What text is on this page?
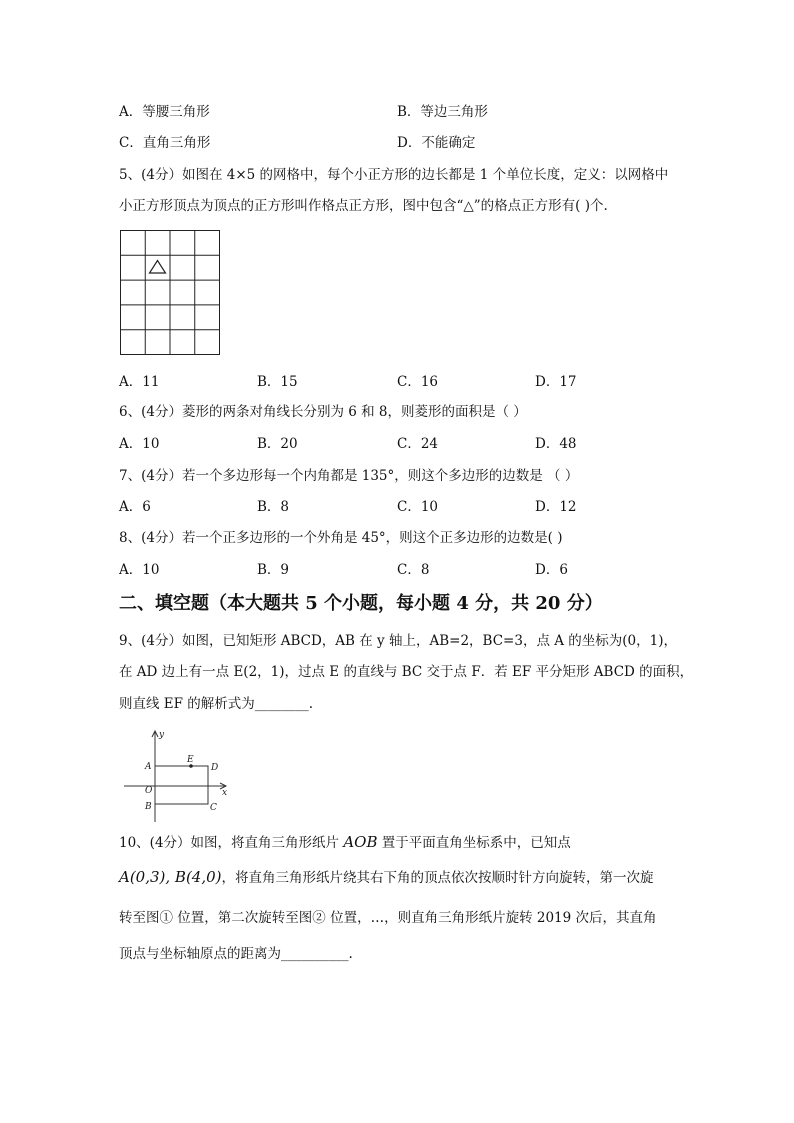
A．等腰三角形	B．等边三角形
C．直角三角形	D．不能确定
5、(4分）如图在 4×5 的网格中，每个小正方形的边长都是 1 个单位长度，定义：以网格中
小正方形顶点为顶点的正方形叫作格点正方形，图中包含“△”的格点正方形有( )个.
A．11	B．15	C．16	D．17
6、(4分）菱形的两条对角线长分别为 6 和 8，则菱形的面积是（ ）
A．10	B．20	C．24	D．48
7、(4分）若一个多边形每一个内角都是 135°，则这个多边形的边数是 （ ）
A．6	B．8	C．10	D．12
8、(4分）若一个正多边形的一个外角是 45°，则这个正多边形的边数是( )
A．10	B．9	C．8	D．6
二、填空题（本大题共 5 个小题，每小题 4 分，共 20 分）
9、(4分）如图，已知矩形 ABCD，AB 在 y 轴上，AB=2，BC=3，点 A 的坐标为(0，1)，
在 AD 边上有一点 E(2，1)，过点 E 的直线与 BC 交于点 F．若 EF 平分矩形 ABCD 的面积，
则直线 EF 的解析式为________.
y
x
A
B	C
D
E
O
10、(4分）如图，将直角三角形纸片 AOB 置于平面直角坐标系中，已知点
A(0,3), B(4,0)，将直角三角形纸片绕其右下角的顶点依次按顺时针方向旋转，第一次旋
转至图① 位置，第二次旋转至图② 位置，…，则直角三角形纸片旋转 2019 次后，其直角
顶点与坐标轴原点的距离为__________.
